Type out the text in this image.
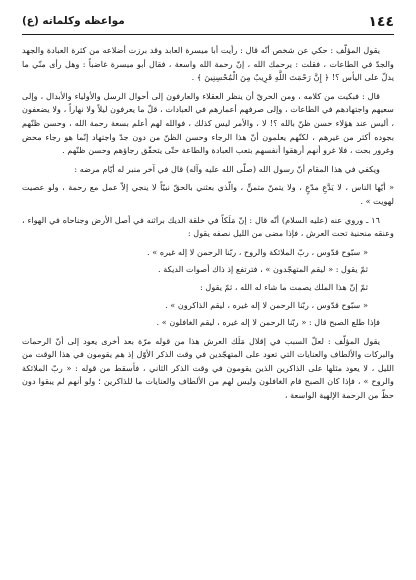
١٤٤
مواعظه وكلماته (ع)

يقول المؤلّف : حكي عن شخص أنّه قال : رأيت أبا ميسرة العابد وقد برزت أضلاعه من كثرة العبادة والجهد والجدّ في الطاعات ، فقلت : يرحمك الله ، إنّ رحمة الله واسعة ، فقال أبو ميسرة غاضباً : وهل رأى منّي ما يدلّ على اليأس ؟! ﴿ إِنَّ رَحْمَتَ اللَّهِ قَرِيبٌ مِنَ الْمُحْسِنِينَ ﴾ .

قال : فبكيت من كلامه ، ومن الحريّ أن ينظر العقلاء والعارفون إلى أحوال الرسل والأولياء والأبدال ، وإلى سعيهم واجتهادهم في الطاعات ، وإلى صرفهم أعمارهم في العبادات ، قلّ ما يعرفون ليلاً ولا نهاراً ، ولا يضعفون ، أليس عند هؤلاء حسن ظنّ بالله ؟! لا ، والأمر ليس كذلك ، فوالله لهم أعلم بسعة رحمة الله ، وحسن ظنّهم بجوده أكثر من غيرهم ، لكنّهم يعلمون أنّ هذا الرجاء وحسن الظنّ من دون جدّ واجتهاد إنّما هو رجاء محض وغرور بحت ، فلا غرو أنهم أرهقوا أنفسهم بتعب العبادة والطاعة حتّى يتحقّق رجاؤهم وحسن ظنّهم .

ويكفي في هذا المقام أنّ رسول الله (صلّى الله عليه وآله) قال في آخر منبر له أيّام مرضه :

« أيّها الناس ، لا يَدَّعِ مدّعٍ ، ولا يتمنّ متمنٍّ ، والّذي بعثني بالحقّ نبيّاً لا ينجي إلاّ عمل مع رحمة ، ولو عصيت لهويت » .

١٦ ـ وروي عنه (عليه السلام) أنّه قال : إنّ مَلَكاً في خلقة الديك براثنه في أصل الأرض وجناحاه في الهواء ، وعنقه منحنية تحت العرش ، فإذا مضى من الليل نصفه يقول :

« سبّوح قدّوس ، ربّ الملائكة والروح ، ربّنا الرحمن لا إله غيره » .

ثمّ يقول : « ليقم المتهجّدون » ، فترتفع إذ ذاك أصوات الديكة .

ثمّ إنّ هذا الملك يصمت ما شاء له الله ، ثمّ يقول :

« سبّوح قدّوس ، ربّنا الرحمن لا إله غيره ، ليقم الذاكرون » .

فإذا طلع الصبح قال : « ربّنا الرحمن لا إله غيره ، ليقم الغافلون » .

يقول المؤلّف : لعلّ السبب في إقلال مَلَك العرش هذا من قوله مرّة بعد أخرى يعود إلى أنّ الرحمات والبركات والألطاف والعنايات التي تعود على المتهجّدين في وقت الذكر الأوّل إذ هم يقومون في هذا الوقت من الليل ، لا يعود مثلها على الذاكرين الذين يقومون في وقت الذكر الثاني ، فأسقط من قوله : « ربّ الملائكة والروح » ، فإذا كان الصبح قام الغافلون وليس لهم من الألطاف والعنايات ما للذاكرين ؛ ولو أنهم لم يبقوا دون حظّ من الرحمة الإلهية الواسعة ،
